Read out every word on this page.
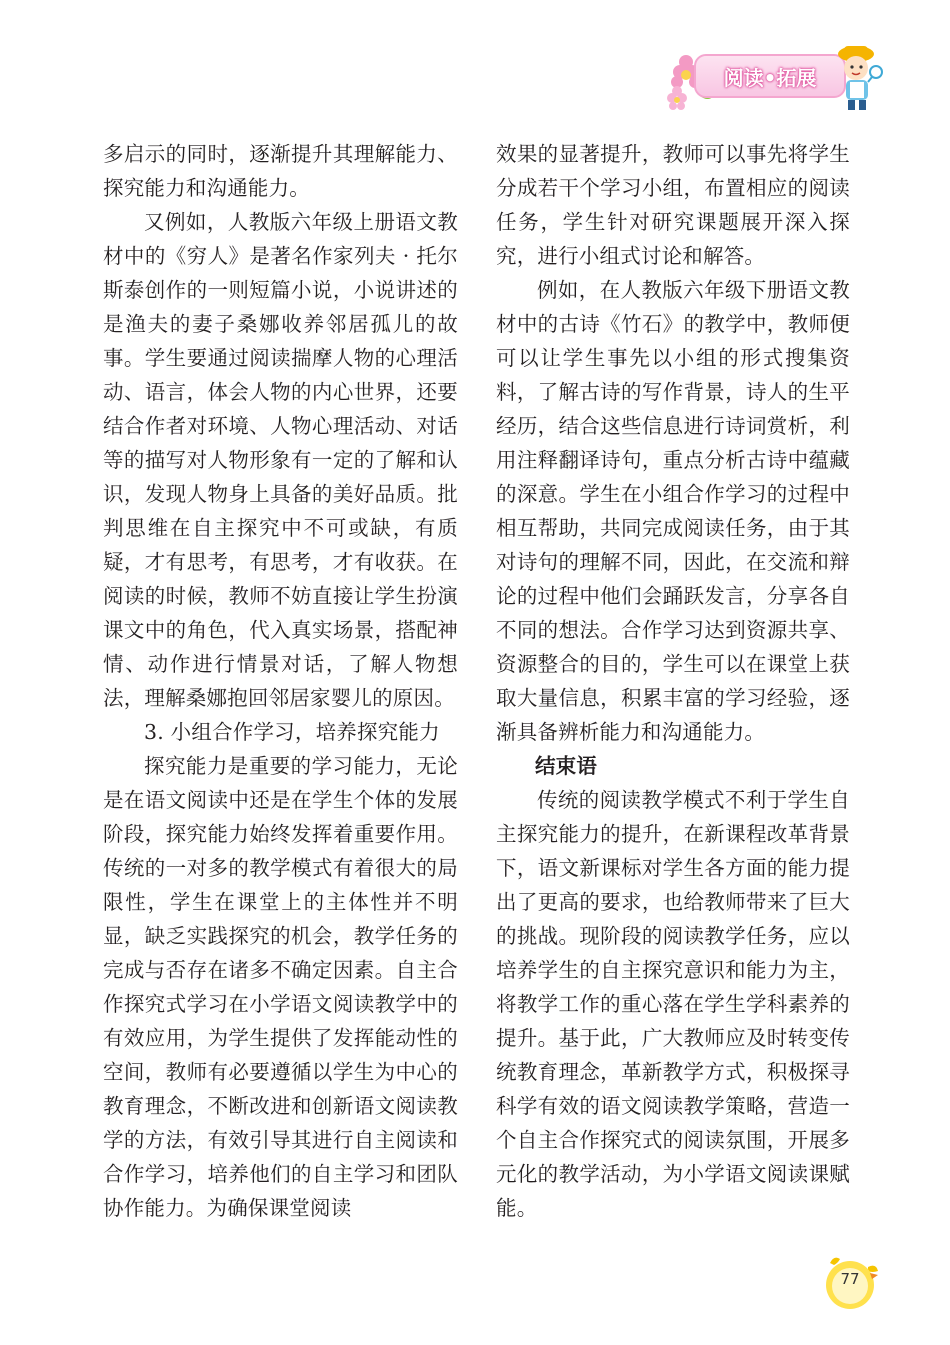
阅读•拓展

多启示的同时，逐渐提升其理解能力、探究能力和沟通能力。

又例如，人教版六年级上册语文教材中的《穷人》是著名作家列夫 · 托尔斯泰创作的一则短篇小说，小说讲述的是渔夫的妻子桑娜收养邻居孤儿的故事。学生要通过阅读揣摩人物的心理活动、语言，体会人物的内心世界，还要结合作者对环境、人物心理活动、对话等的描写对人物形象有一定的了解和认识，发现人物身上具备的美好品质。批判思维在自主探究中不可或缺，有质疑，才有思考，有思考，才有收获。在阅读的时候，教师不妨直接让学生扮演课文中的角色，代入真实场景，搭配神情、动作进行情景对话，了解人物想法，理解桑娜抱回邻居家婴儿的原因。

3. 小组合作学习，培养探究能力

探究能力是重要的学习能力，无论是在语文阅读中还是在学生个体的发展阶段，探究能力始终发挥着重要作用。传统的一对多的教学模式有着很大的局限性，学生在课堂上的主体性并不明显，缺乏实践探究的机会，教学任务的完成与否存在诸多不确定因素。自主合作探究式学习在小学语文阅读教学中的有效应用，为学生提供了发挥能动性的空间，教师有必要遵循以学生为中心的教育理念，不断改进和创新语文阅读教学的方法，有效引导其进行自主阅读和合作学习，培养他们的自主学习和团队协作能力。为确保课堂阅读

效果的显著提升，教师可以事先将学生分成若干个学习小组，布置相应的阅读任务，学生针对研究课题展开深入探究，进行小组式讨论和解答。

例如，在人教版六年级下册语文教材中的古诗《竹石》的教学中，教师便可以让学生事先以小组的形式搜集资料，了解古诗的写作背景，诗人的生平经历，结合这些信息进行诗词赏析，利用注释翻译诗句，重点分析古诗中蕴藏的深意。学生在小组合作学习的过程中相互帮助，共同完成阅读任务，由于其对诗句的理解不同，因此，在交流和辩论的过程中他们会踊跃发言，分享各自不同的想法。合作学习达到资源共享、资源整合的目的，学生可以在课堂上获取大量信息，积累丰富的学习经验，逐渐具备辨析能力和沟通能力。

结束语

传统的阅读教学模式不利于学生自主探究能力的提升，在新课程改革背景下，语文新课标对学生各方面的能力提出了更高的要求，也给教师带来了巨大的挑战。现阶段的阅读教学任务，应以培养学生的自主探究意识和能力为主，将教学工作的重心落在学生学科素养的提升。基于此，广大教师应及时转变传统教育理念，革新教学方式，积极探寻科学有效的语文阅读教学策略，营造一个自主合作探究式的阅读氛围，开展多元化的教学活动，为小学语文阅读课赋能。

77
